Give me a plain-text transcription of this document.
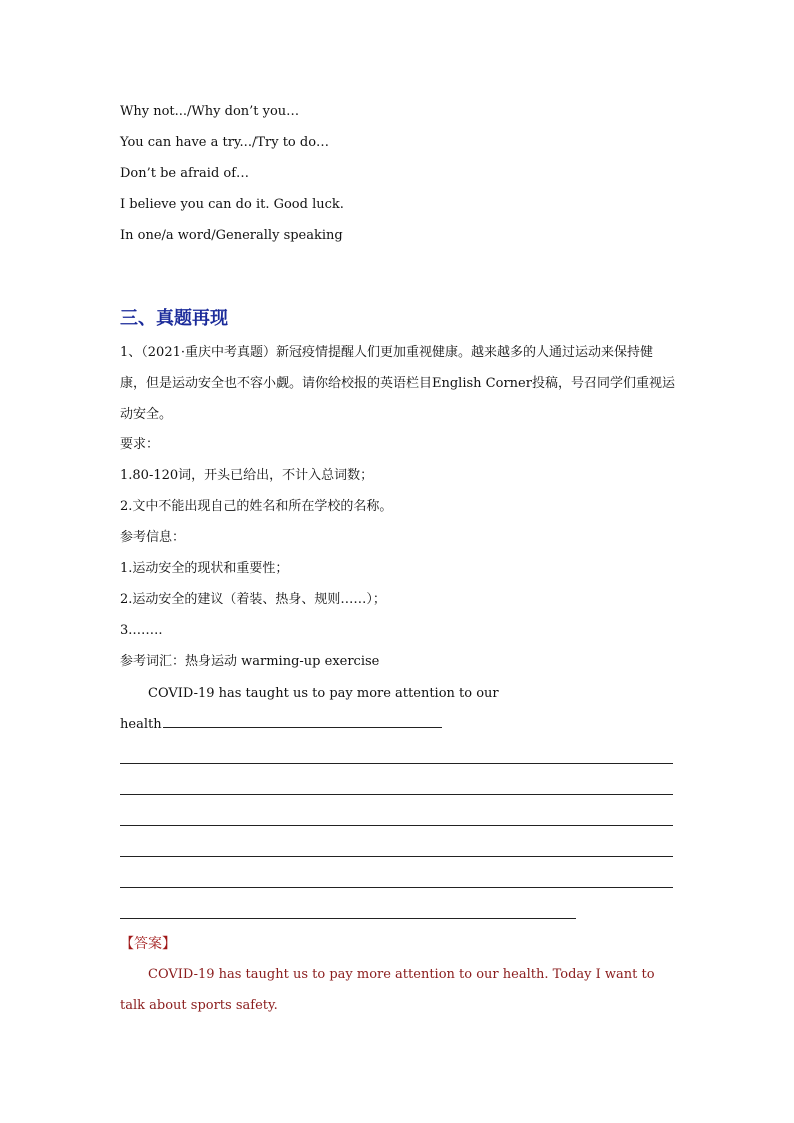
Why not.../Why don’t you…
You can have a try.../Try to do…
Don’t be afraid of…
I believe you can do it. Good luck.
In one/a word/Generally speaking
三、真题再现
1、（2021·重庆中考真题）新冠疫情提醒人们更加重视健康。越来越多的人通过运动来保持健康，但是运动安全也不容小觑。请你给校报的英语栏目English Corner投稿，号召同学们重视运动安全。
要求：
1.80-120词，开头已给出，不计入总词数；
2.文中不能出现自己的姓名和所在学校的名称。
参考信息：
1.运动安全的现状和重要性；
2.运动安全的建议（着装、热身、规则……）；
3.…….
参考词汇：热身运动 warming-up exercise
COVID-19 has taught us to pay more attention to our
health
【答案】
COVID-19 has taught us to pay more attention to our health. Today I want to talk about sports safety.
